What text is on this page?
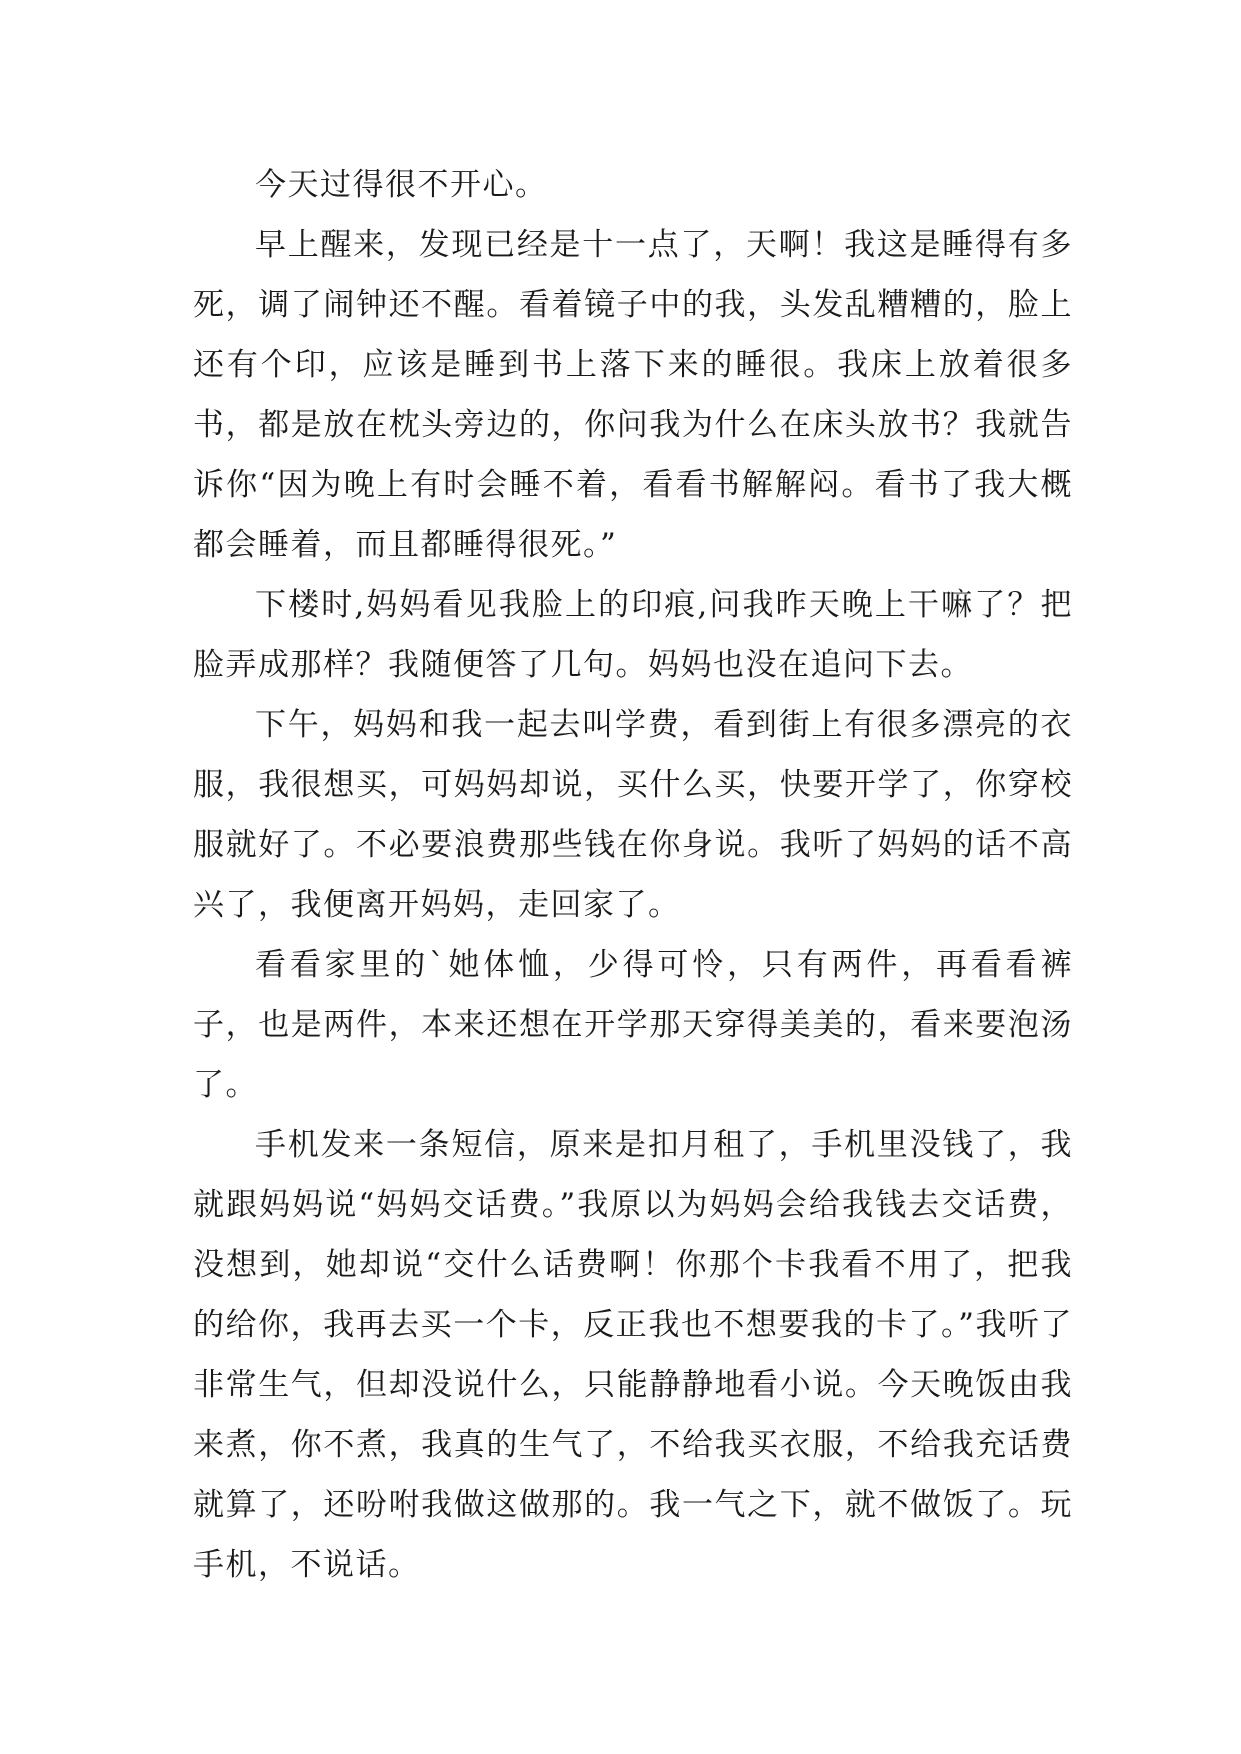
今天过得很不开心。

早上醒来，发现已经是十一点了，天啊！我这是睡得有多死，调了闹钟还不醒。看着镜子中的我，头发乱糟糟的，脸上还有个印，应该是睡到书上落下来的睡很。我床上放着很多书，都是放在枕头旁边的，你问我为什么在床头放书？我就告诉你“因为晚上有时会睡不着，看看书解解闷。看书了我大概都会睡着，而且都睡得很死。”

下楼时,妈妈看见我脸上的印痕,问我昨天晚上干嘛了？把脸弄成那样？我随便答了几句。妈妈也没在追问下去。

下午，妈妈和我一起去叫学费，看到街上有很多漂亮的衣服，我很想买，可妈妈却说，买什么买，快要开学了，你穿校服就好了。不必要浪费那些钱在你身说。我听了妈妈的话不高兴了，我便离开妈妈，走回家了。

看看家里的`她体恤，少得可怜，只有两件，再看看裤子，也是两件，本来还想在开学那天穿得美美的，看来要泡汤了。

手机发来一条短信，原来是扣月租了，手机里没钱了，我就跟妈妈说“妈妈交话费。”我原以为妈妈会给我钱去交话费，没想到，她却说“交什么话费啊！你那个卡我看不用了，把我的给你，我再去买一个卡，反正我也不想要我的卡了。”我听了非常生气，但却没说什么，只能静静地看小说。今天晚饭由我来煮，你不煮，我真的生气了，不给我买衣服，不给我充话费就算了，还吩咐我做这做那的。我一气之下，就不做饭了。玩手机，不说话。
